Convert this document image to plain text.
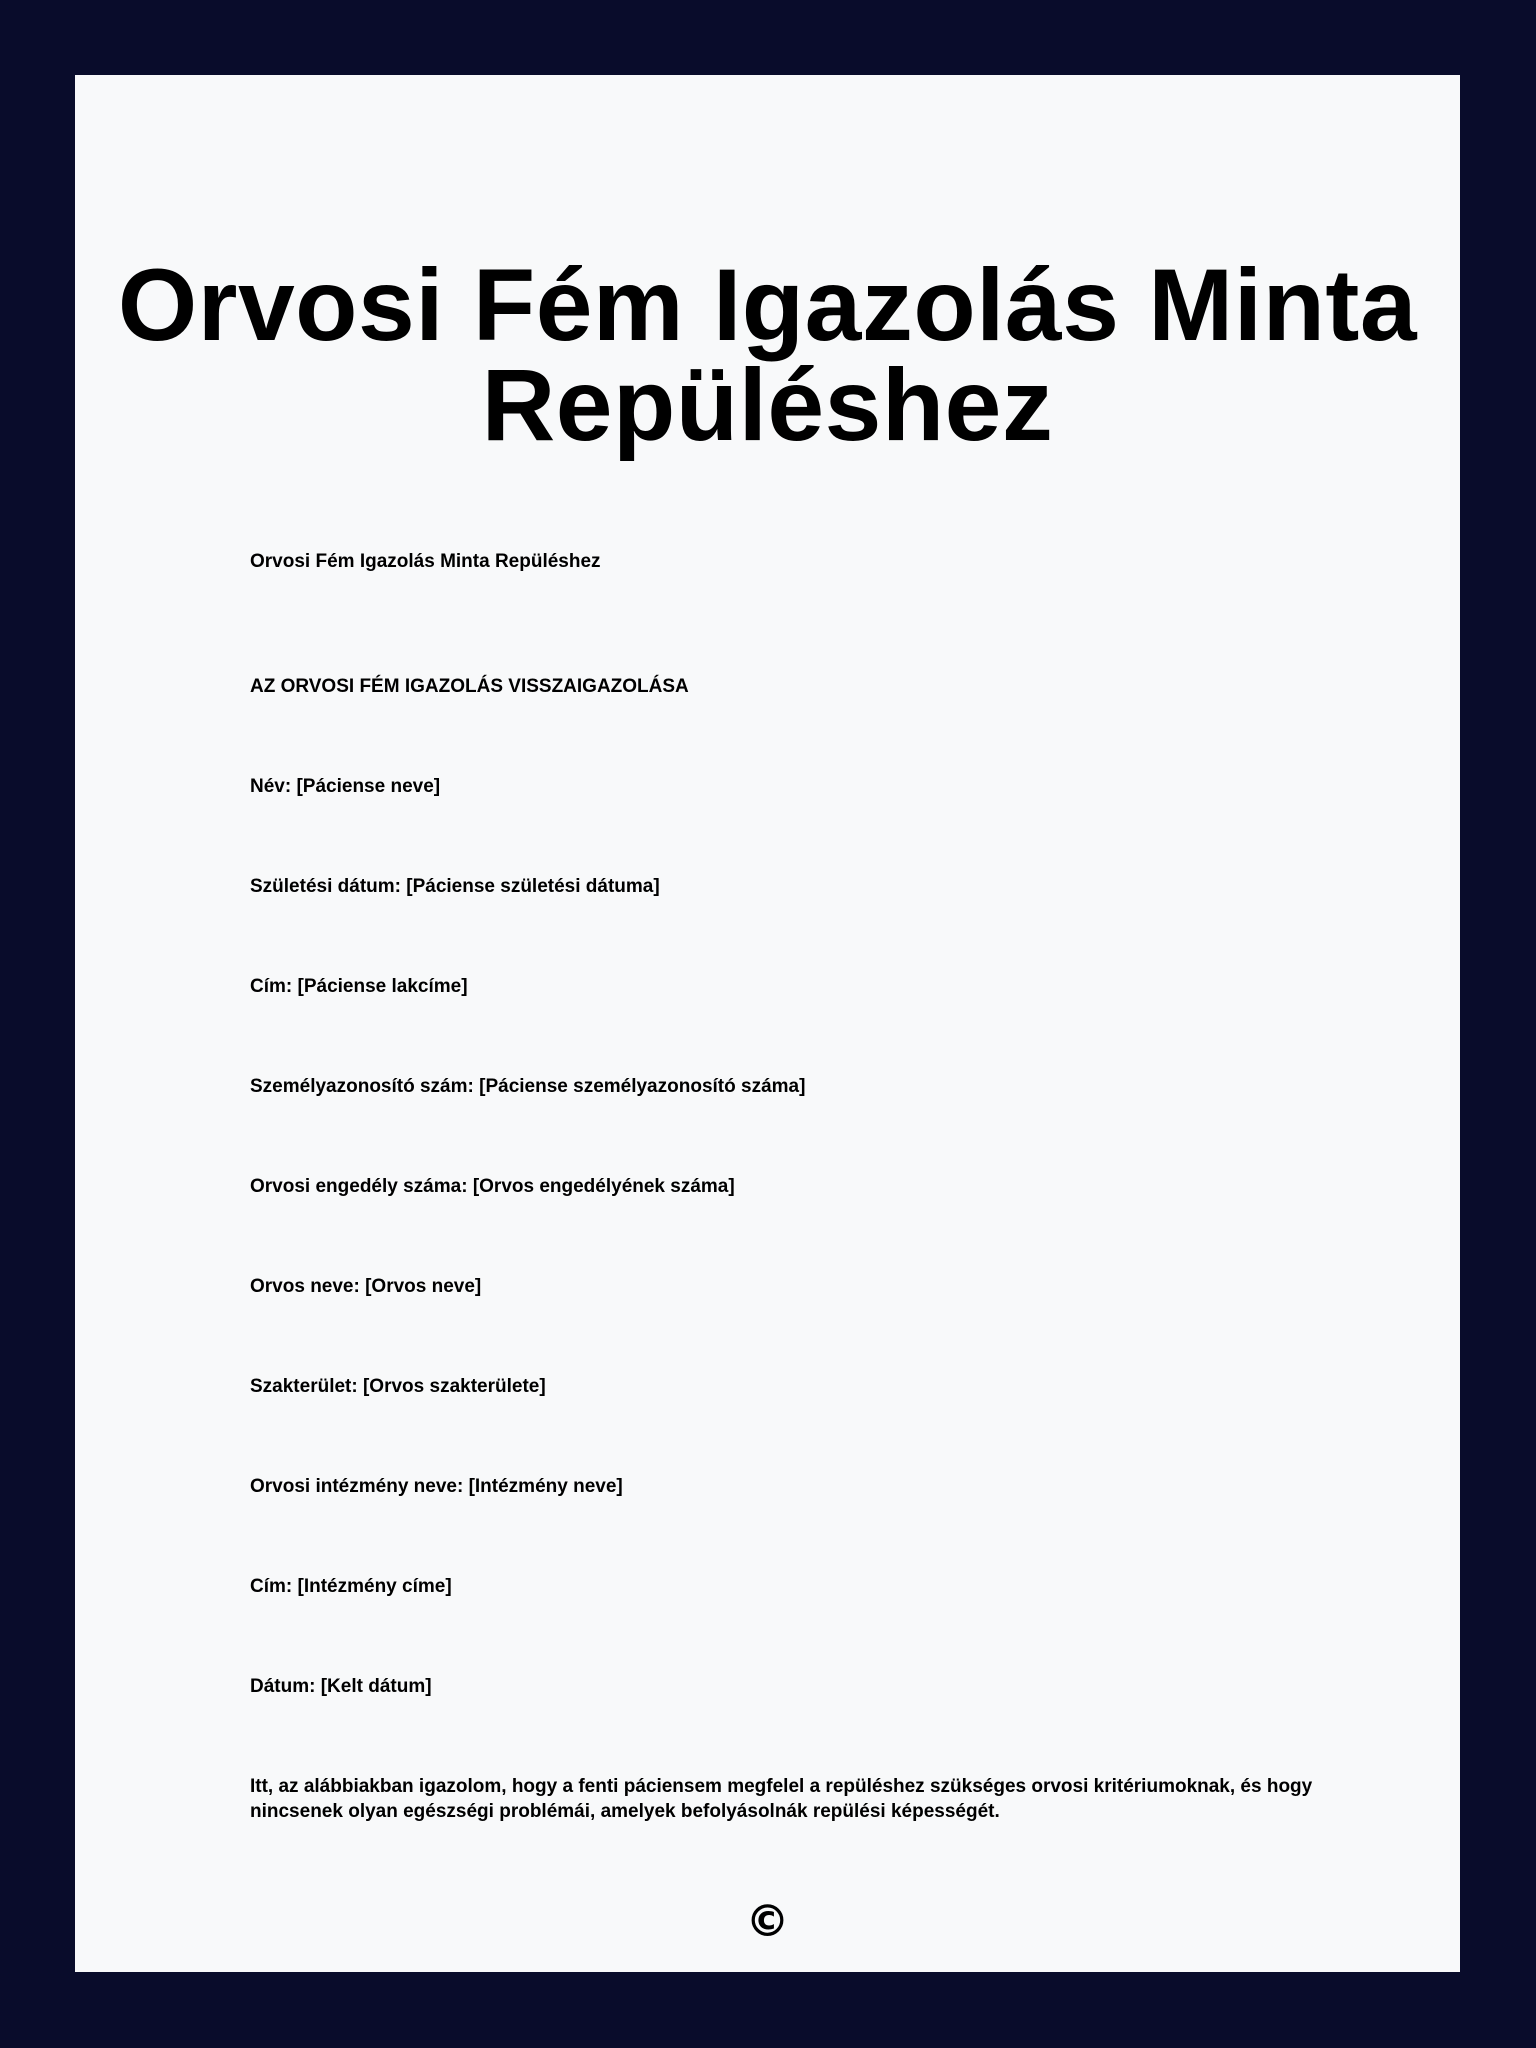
Orvosi Fém Igazolás Minta Repüléshez

Orvosi Fém Igazolás Minta Repüléshez

AZ ORVOSI FÉM IGAZOLÁS VISSZAIGAZOLÁSA

Név: [Páciense neve]

Születési dátum: [Páciense születési dátuma]

Cím: [Páciense lakcíme]

Személyazonosító szám: [Páciense személyazonosító száma]

Orvosi engedély száma: [Orvos engedélyének száma]

Orvos neve: [Orvos neve]

Szakterület: [Orvos szakterülete]

Orvosi intézmény neve: [Intézmény neve]

Cím: [Intézmény címe]

Dátum: [Kelt dátum]

Itt, az alábbiakban igazolom, hogy a fenti páciensem megfelel a repüléshez szükséges orvosi kritériumoknak, és hogy nincsenek olyan egészségi problémái, amelyek befolyásolnák repülési képességét.

©
